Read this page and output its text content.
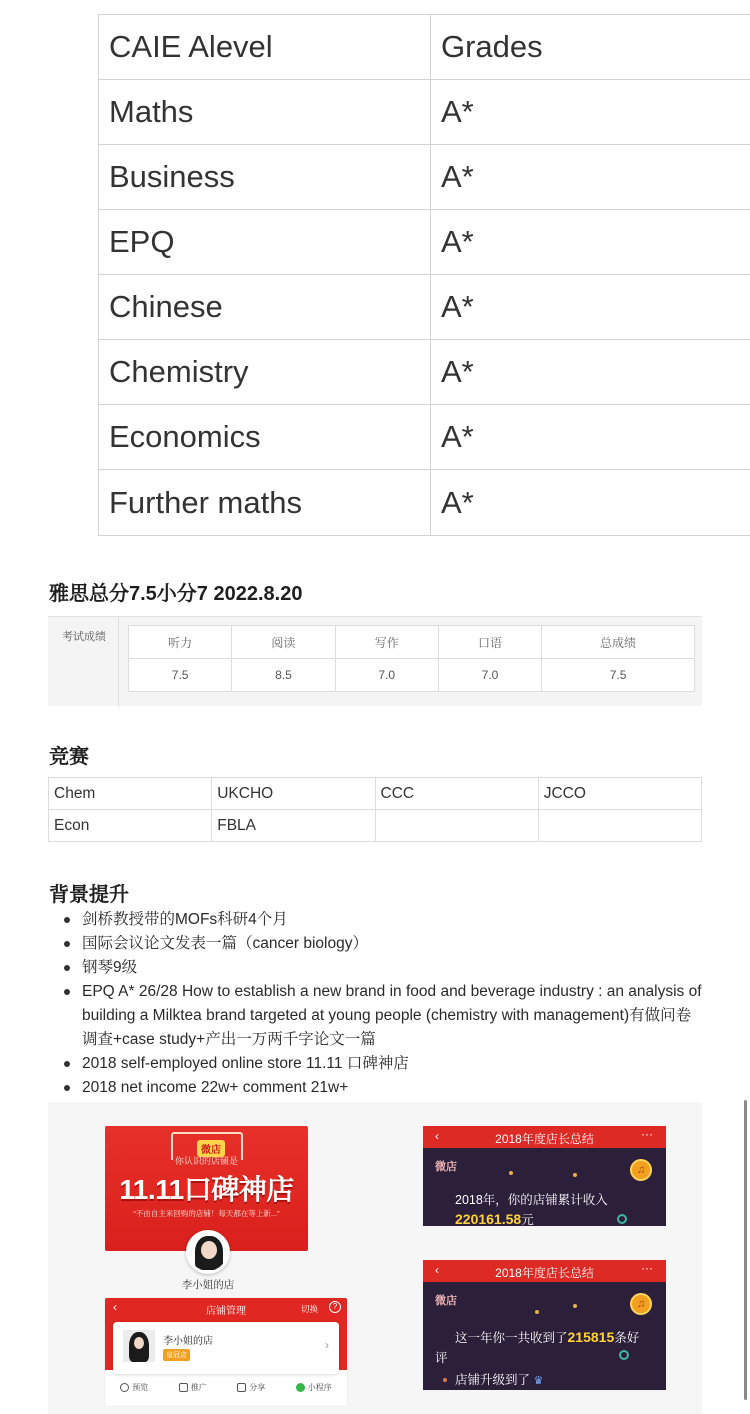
CAIE Alevel	Grades
Maths	A*
Business	A*
EPQ	A*
Chinese	A*
Chemistry	A*
Economics	A*
Further maths	A*
雅思总分7.5小分7 2022.8.20
考试成绩	听力	阅读	写作	口语	总成绩
7.5	8.5	7.0	7.0	7.5
竞赛
Chem	UKCHO	CCC	JCCO
Econ	FBLA		
背景提升
剑桥教授带的MOFs科研4个月
国际会议论文发表一篇（cancer biology）
钢琴9级
EPQ A* 26/28 How to establish a new brand in food and beverage industry : an analysis of building a Milktea brand targeted at young people (chemistry with management)有做问卷调查+case study+产出一万两千字论文一篇
2018 self-employed online store 11.11 口碑神店
2018 net income 22w+ comment 21w+
微店
你认识的店铺是
11.11口碑神店
“不由自主来回购的店铺！每天都在等上新...”
李小姐的店
‹	店铺管理	切换	?
李小姐的店
皇冠店
›
预览	推广	分享	小程序
‹	2018年度店长总结	···
微店	♫
2018年，你的店铺累计收入
220161.58元
‹	2018年度店长总结	···
微店	♫
这一年你一共收到了215815条好
评
店铺升级到了 ♛
